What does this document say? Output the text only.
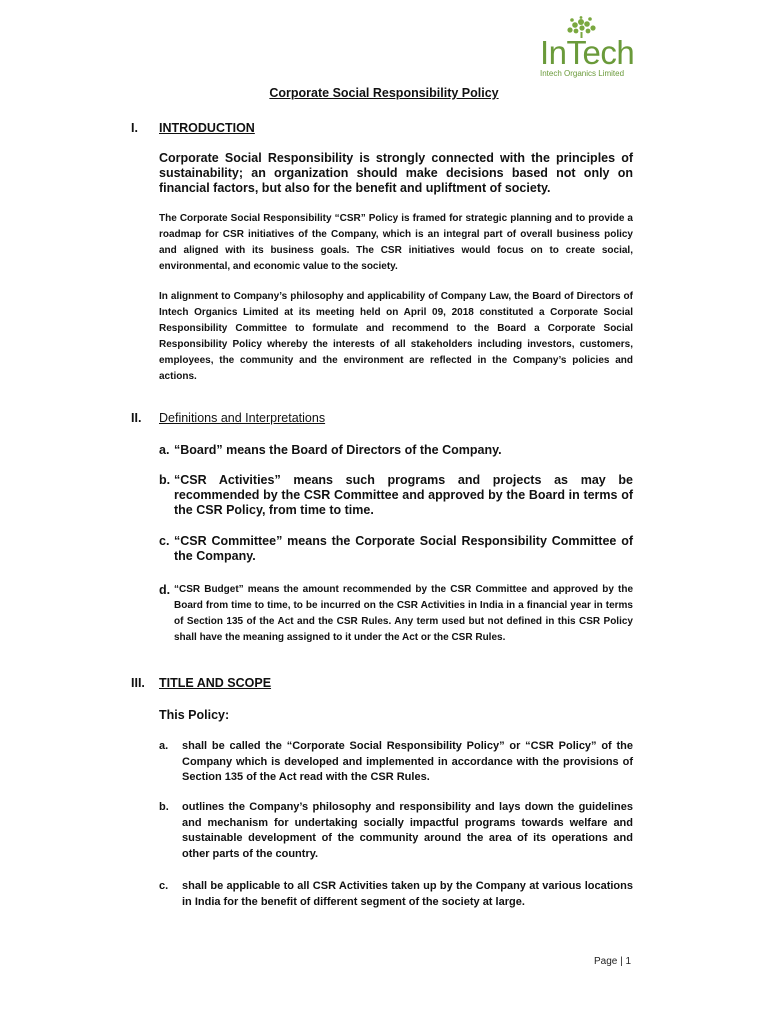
InTech
Intech Organics Limited
Corporate Social Responsibility Policy
I. INTRODUCTION
Corporate Social Responsibility is strongly connected with the principles of sustainability; an organization should make decisions based not only on financial factors, but also for the benefit and upliftment of society.
The Corporate Social Responsibility “CSR” Policy is framed for strategic planning and to provide a roadmap for CSR initiatives of the Company, which is an integral part of overall business policy and aligned with its business goals. The CSR initiatives would focus on to create social, environmental, and economic value to the society.
In alignment to Company’s philosophy and applicability of Company Law, the Board of Directors of Intech Organics Limited at its meeting held on April 09, 2018 constituted a Corporate Social Responsibility Committee to formulate and recommend to the Board a Corporate Social Responsibility Policy whereby the interests of all stakeholders including investors, customers, employees, the community and the environment are reflected in the Company’s policies and actions.
II. Definitions and Interpretations
a. “Board” means the Board of Directors of the Company.
b. “CSR Activities” means such programs and projects as may be recommended by the CSR Committee and approved by the Board in terms of the CSR Policy, from time to time.
c. “CSR Committee” means the Corporate Social Responsibility Committee of the Company.
d. “CSR Budget” means the amount recommended by the CSR Committee and approved by the Board from time to time, to be incurred on the CSR Activities in India in a financial year in terms of Section 135 of the Act and the CSR Rules. Any term used but not defined in this CSR Policy shall have the meaning assigned to it under the Act or the CSR Rules.
III. TITLE AND SCOPE
This Policy:
a. shall be called the “Corporate Social Responsibility Policy” or “CSR Policy” of the Company which is developed and implemented in accordance with the provisions of Section 135 of the Act read with the CSR Rules.
b. outlines the Company’s philosophy and responsibility and lays down the guidelines and mechanism for undertaking socially impactful programs towards welfare and sustainable development of the community around the area of its operations and other parts of the country.
c. shall be applicable to all CSR Activities taken up by the Company at various locations in India for the benefit of different segment of the society at large.
Page | 1
